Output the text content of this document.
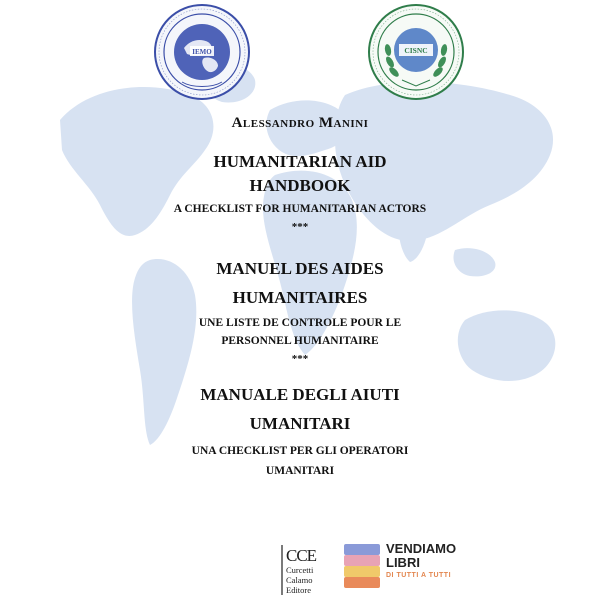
IEMO	CISNC
Alessandro Manini
HUMANITARIAN AID
HANDBOOK
A CHECKLIST FOR HUMANITARIAN ACTORS
***
MANUEL DES AIDES
HUMANITAIRES
UNE LISTE DE CONTROLE POUR LE
PERSONNEL HUMANITAIRE
***
MANUALE DEGLI AIUTI
UMANITARI
UNA CHECKLIST PER GLI OPERATORI
UMANITARI
CCE
Curcetti
Calamo
Editore
VENDIAMO
LIBRI
DI TUTTI A TUTTI
